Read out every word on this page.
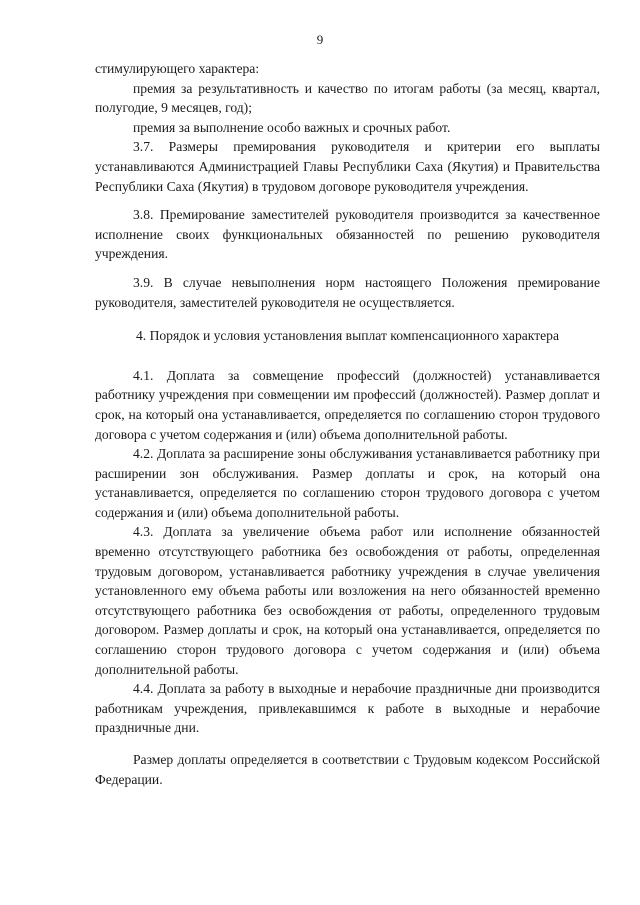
9

стимулирующего характера:

премия за результативность и качество по итогам работы (за месяц, квартал, полугодие, 9 месяцев, год);

премия за выполнение особо важных и срочных работ.

3.7. Размеры премирования руководителя и критерии его выплаты устанавливаются Администрацией Главы Республики Саха (Якутия) и Правительства Республики Саха (Якутия) в трудовом договоре руководителя учреждения.

3.8. Премирование заместителей руководителя производится за качественное исполнение своих функциональных обязанностей по решению руководителя учреждения.

3.9. В случае невыполнения норм настоящего Положения премирование руководителя, заместителей руководителя не осуществляется.

4. Порядок и условия установления выплат компенсационного характера

4.1. Доплата за совмещение профессий (должностей) устанавливается работнику учреждения при совмещении им профессий (должностей). Размер доплат и срок, на который она устанавливается, определяется по соглашению сторон трудового договора с учетом содержания и (или) объема дополнительной работы.

4.2. Доплата за расширение зоны обслуживания устанавливается работнику при расширении зон обслуживания. Размер доплаты и срок, на который она устанавливается, определяется по соглашению сторон трудового договора с учетом содержания и (или) объема дополнительной работы.

4.3. Доплата за увеличение объема работ или исполнение обязанностей временно отсутствующего работника без освобождения от работы, определенная трудовым договором, устанавливается работнику учреждения в случае увеличения установленного ему объема работы или возложения на него обязанностей временно отсутствующего работника без освобождения от работы, определенного трудовым договором. Размер доплаты и срок, на который она устанавливается, определяется по соглашению сторон трудового договора с учетом содержания и (или) объема дополнительной работы.

4.4. Доплата за работу в выходные и нерабочие праздничные дни производится работникам учреждения, привлекавшимся к работе в выходные и нерабочие праздничные дни.

Размер доплаты определяется в соответствии с Трудовым кодексом Российской Федерации.
